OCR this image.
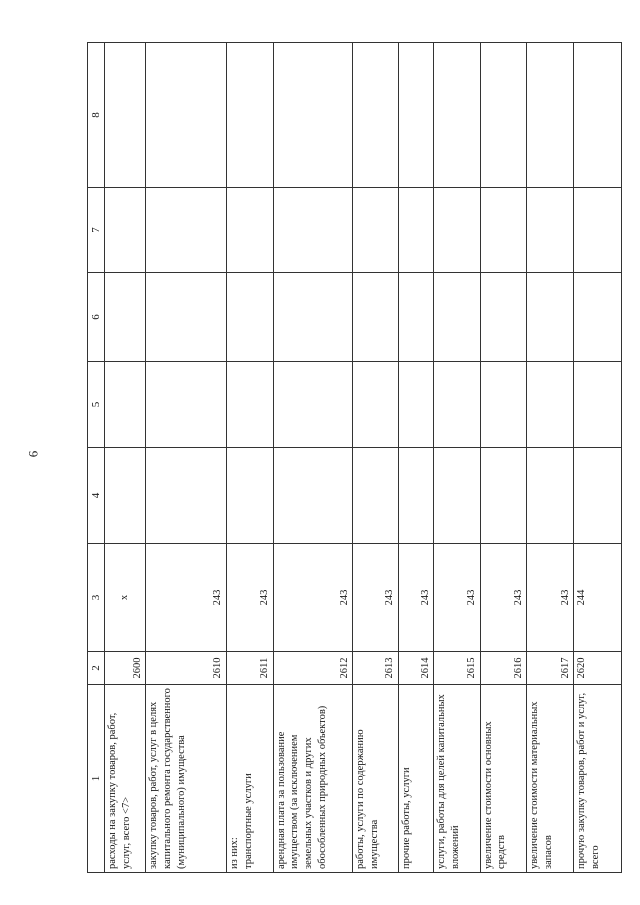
6
1	2	3	4	5	6	7	8
расходы на закупку товаров, работ, услуг, всего <7>	2600	x					
закупку товаров, работ, услуг в целях капитального ремонта государственного (муниципального) имущества	2610	243					
из них:
транспортные услуги	2611	243					
арендная плата за пользование имуществом (за исключением земельных участков и других обособленных природных объектов)	2612	243					
работы, услуги по содержанию имущества	2613	243					
прочие работы, услуги	2614	243					
услуги, работы для целей капитальных вложений	2615	243					
увеличение стоимости основных средств	2616	243					
увеличение стоимости материальных запасов	2617	243					
прочую закупку товаров, работ и услуг, всего	2620	244					
